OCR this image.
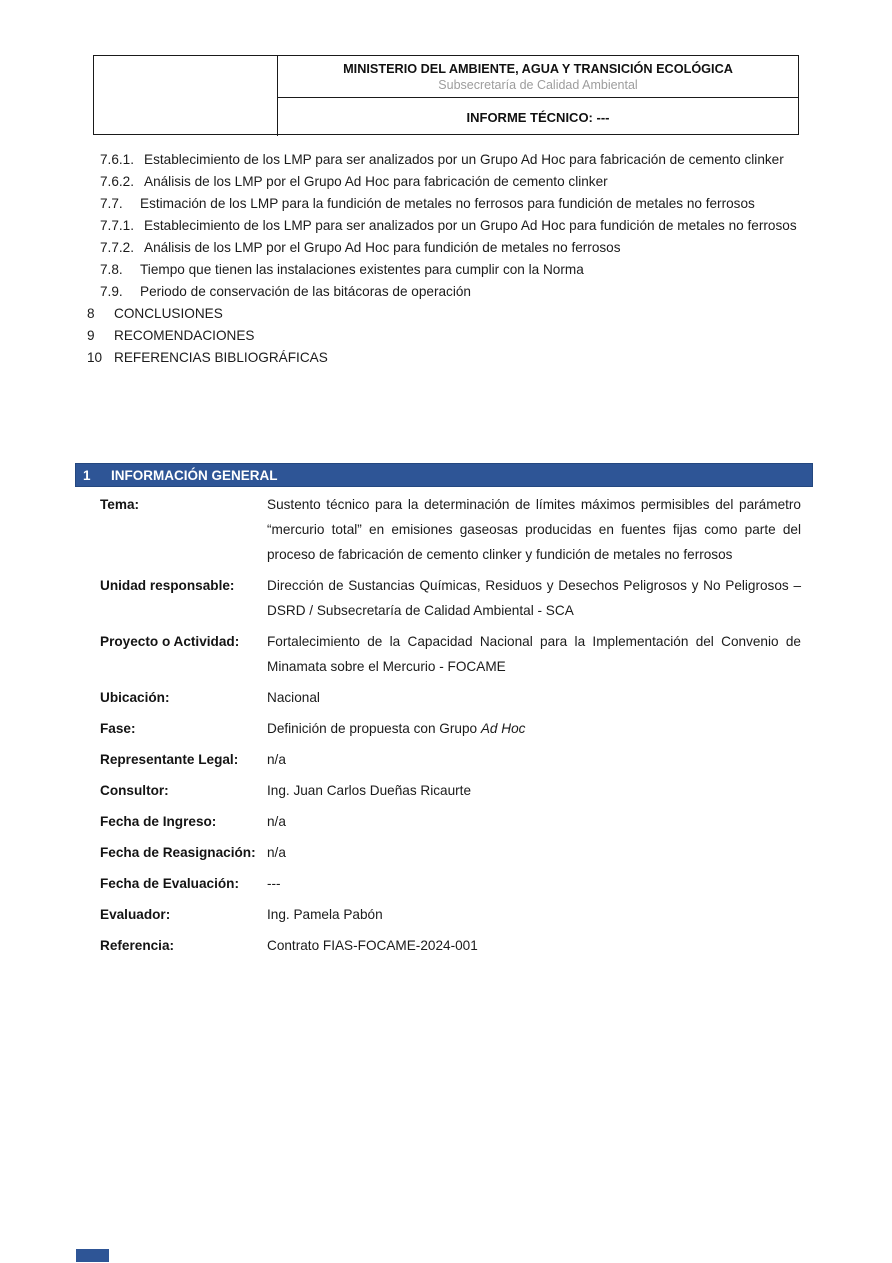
MINISTERIO DEL AMBIENTE, AGUA Y TRANSICIÓN ECOLÓGICA
Subsecretaría de Calidad Ambiental
INFORME TÉCNICO: ---
7.6.1. Establecimiento de los LMP para ser analizados por un Grupo Ad Hoc para fabricación de cemento clinker
7.6.2. Análisis de los LMP por el Grupo Ad Hoc para fabricación de cemento clinker
7.7. Estimación de los LMP para la fundición de metales no ferrosos para fundición de metales no ferrosos
7.7.1. Establecimiento de los LMP para ser analizados por un Grupo Ad Hoc para fundición de metales no ferrosos
7.7.2. Análisis de los LMP por el Grupo Ad Hoc para fundición de metales no ferrosos
7.8. Tiempo que tienen las instalaciones existentes para cumplir con la Norma
7.9. Periodo de conservación de las bitácoras de operación
8 CONCLUSIONES
9 RECOMENDACIONES
10 REFERENCIAS BIBLIOGRÁFICAS
1	INFORMACIÓN GENERAL
Tema:	Sustento técnico para la determinación de límites máximos permisibles del parámetro “mercurio total” en emisiones gaseosas producidas en fuentes fijas como parte del proceso de fabricación de cemento clinker y fundición de metales no ferrosos
Unidad responsable:	Dirección de Sustancias Químicas, Residuos y Desechos Peligrosos y No Peligrosos – DSRD / Subsecretaría de Calidad Ambiental - SCA
Proyecto o Actividad:	Fortalecimiento de la Capacidad Nacional para la Implementación del Convenio de Minamata sobre el Mercurio - FOCAME
Ubicación:	Nacional
Fase:	Definición de propuesta con Grupo Ad Hoc
Representante Legal:	n/a
Consultor:	Ing. Juan Carlos Dueñas Ricaurte
Fecha de Ingreso:	n/a
Fecha de Reasignación: n/a
Fecha de Evaluación:	---
Evaluador:	Ing. Pamela Pabón
Referencia:	Contrato FIAS-FOCAME-2024-001
